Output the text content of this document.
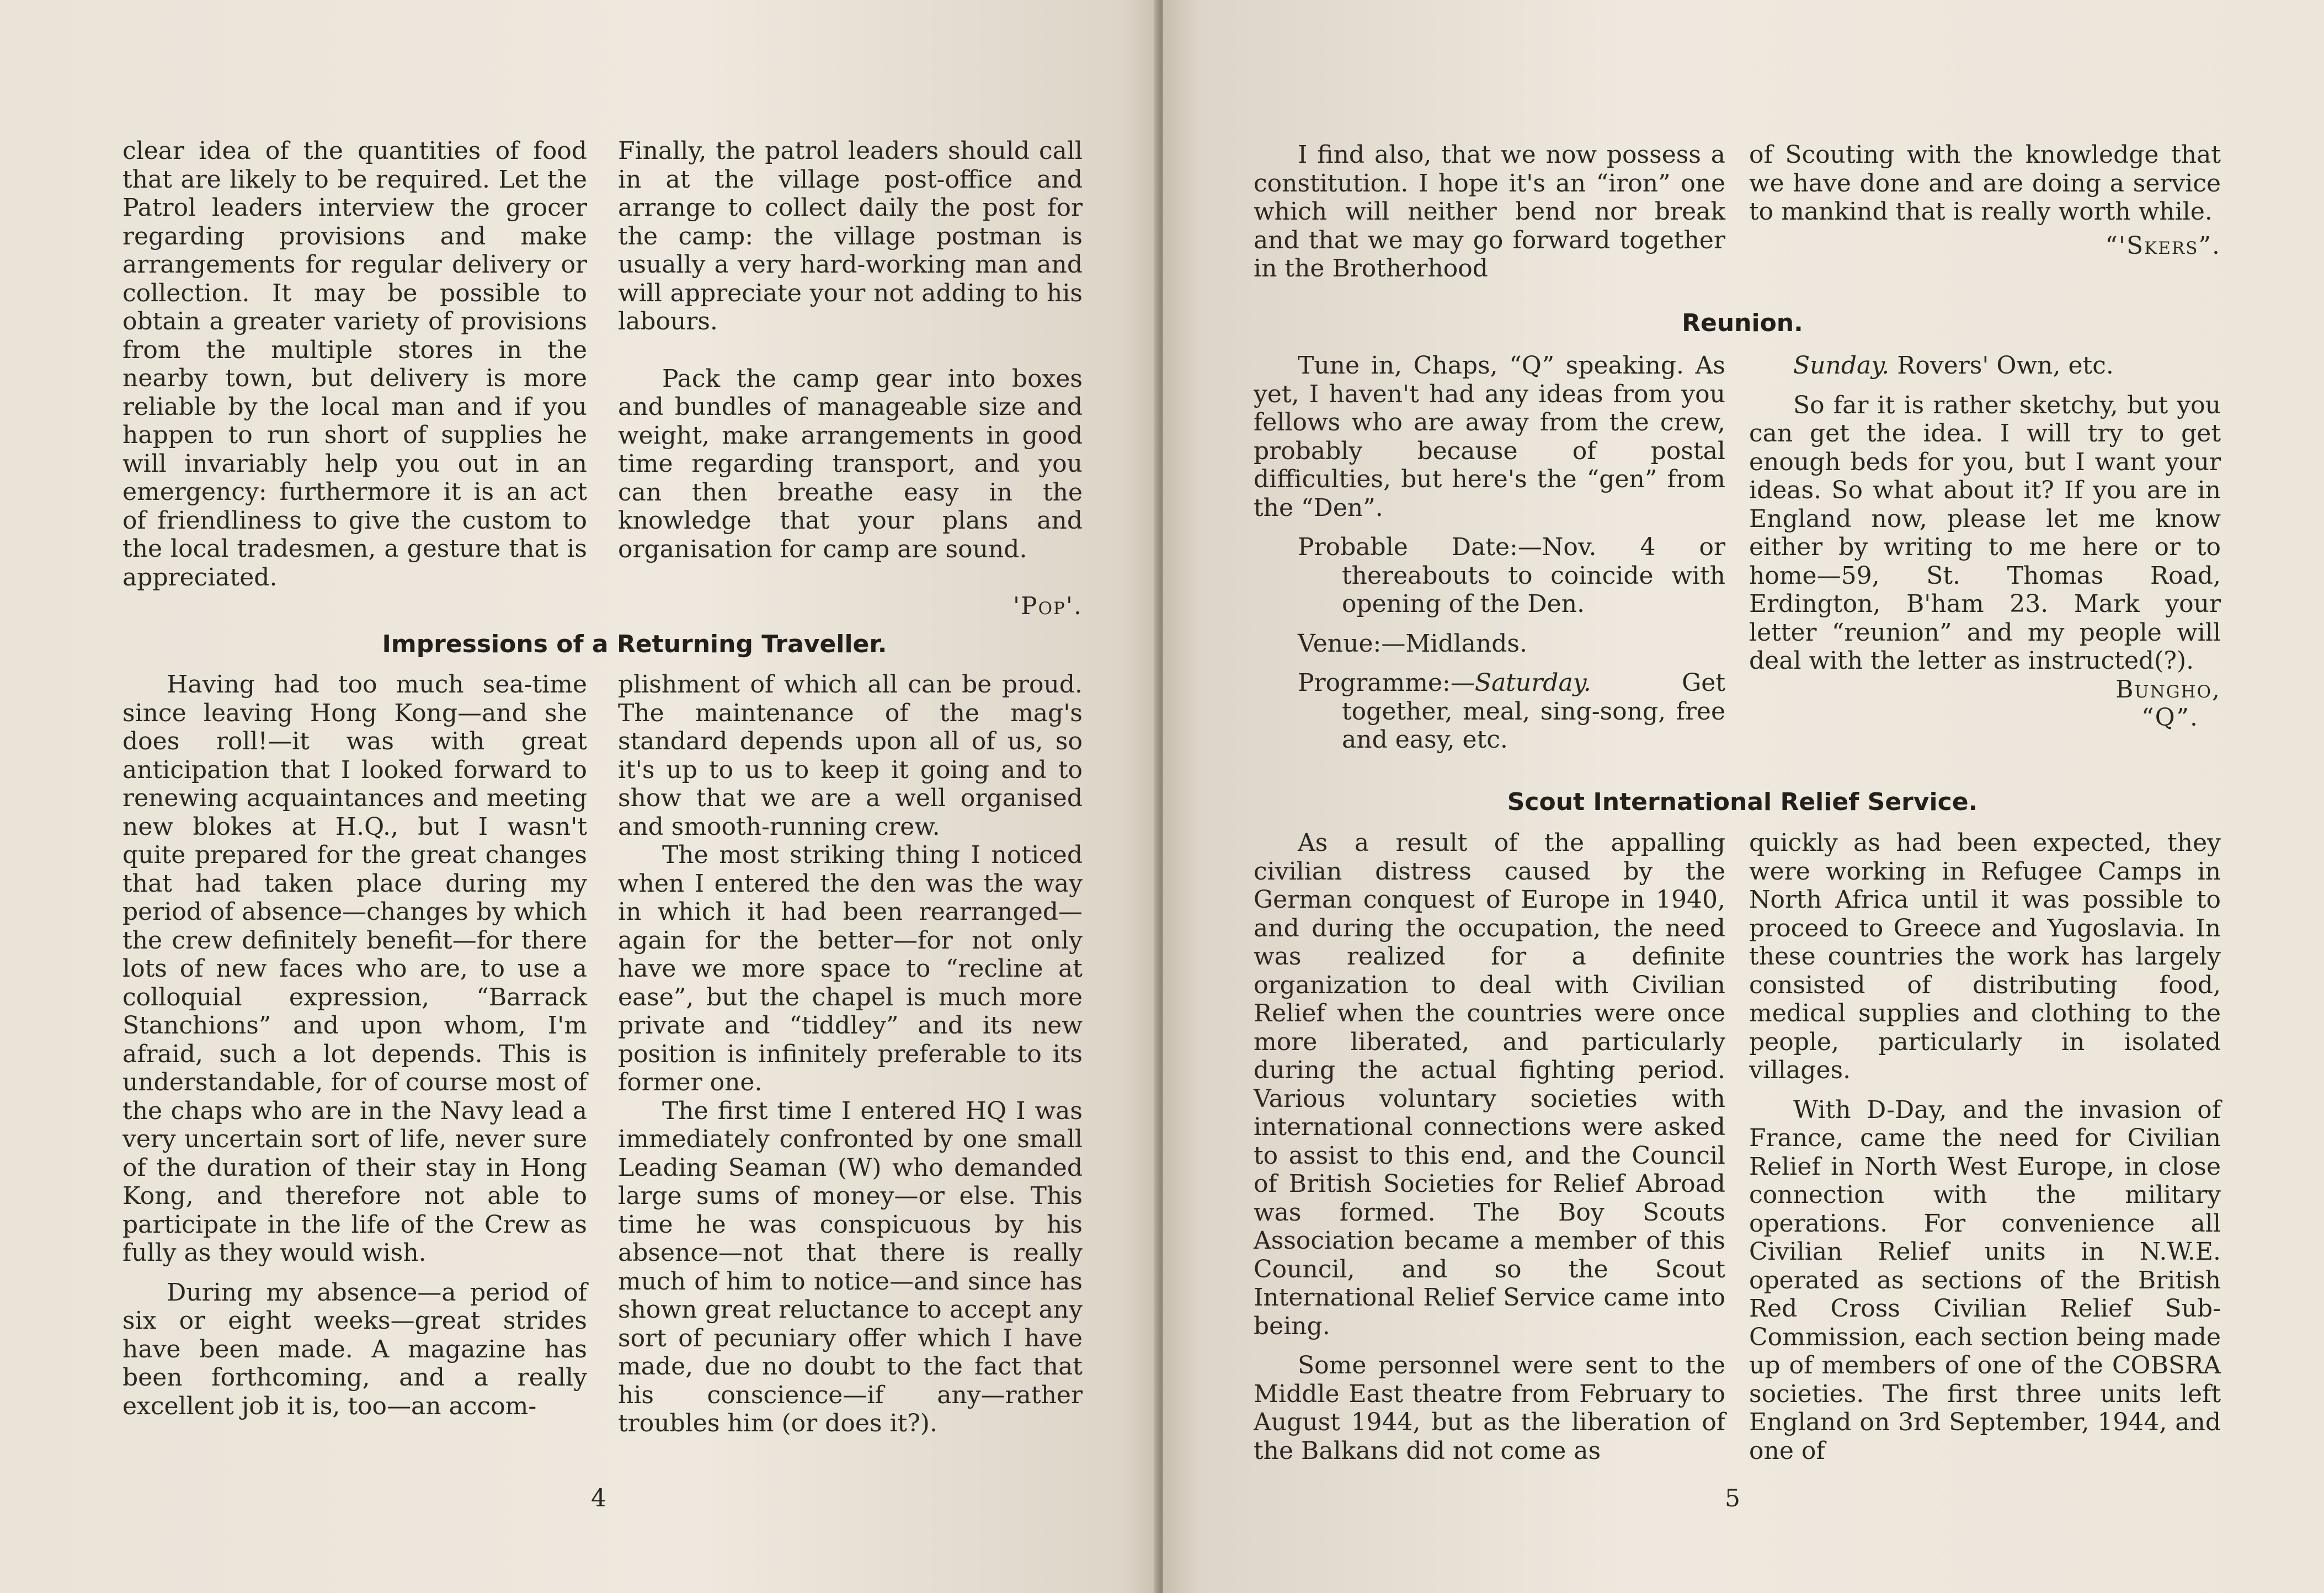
clear idea of the quantities of food that are likely to be required. Let the Patrol leaders interview the grocer regarding provisions and make arrangements for regular delivery or collection. It may be possible to obtain a greater variety of provisions from the multiple stores in the nearby town, but delivery is more reliable by the local man and if you happen to run short of supplies he will invariably help you out in an emergency: furthermore it is an act of friendliness to give the custom to the local tradesmen, a gesture that is appreciated.

Finally, the patrol leaders should call in at the village post-office and arrange to collect daily the post for the camp: the village postman is usually a very hard-working man and will appreciate your not adding to his labours.

Pack the camp gear into boxes and bundles of manageable size and weight, make arrangements in good time regarding transport, and you can then breathe easy in the knowledge that your plans and organisation for camp are sound.

'Pop'.

Impressions of a Returning Traveller.

Having had too much sea-time since leaving Hong Kong—and she does roll!—it was with great anticipation that I looked forward to renewing acquaintances and meeting new blokes at H.Q., but I wasn't quite prepared for the great changes that had taken place during my period of absence—changes by which the crew definitely benefit—for there lots of new faces who are, to use a colloquial expression, “Barrack Stanchions” and upon whom, I'm afraid, such a lot depends. This is understandable, for of course most of the chaps who are in the Navy lead a very uncertain sort of life, never sure of the duration of their stay in Hong Kong, and therefore not able to participate in the life of the Crew as fully as they would wish.

During my absence—a period of six or eight weeks—great strides have been made. A magazine has been forthcoming, and a really excellent job it is, too—an accom-

plishment of which all can be proud. The maintenance of the mag's standard depends upon all of us, so it's up to us to keep it going and to show that we are a well organised and smooth-running crew.

The most striking thing I noticed when I entered the den was the way in which it had been rearranged—again for the better—for not only have we more space to “recline at ease”, but the chapel is much more private and “tiddley” and its new position is infinitely preferable to its former one.

The first time I entered HQ I was immediately confronted by one small Leading Seaman (W) who demanded large sums of money—or else. This time he was conspicuous by his absence—not that there is really much of him to notice—and since has shown great reluctance to accept any sort of pecuniary offer which I have made, due no doubt to the fact that his conscience—if any—rather troubles him (or does it?).

4

I find also, that we now possess a constitution. I hope it's an “iron” one which will neither bend nor break and that we may go forward together in the Brotherhood

of Scouting with the knowledge that we have done and are doing a service to mankind that is really worth while.

“'Skers”.

Reunion.

Tune in, Chaps, “Q” speaking. As yet, I haven't had any ideas from you fellows who are away from the crew, probably because of postal difficulties, but here's the “gen” from the “Den”.

Probable Date:—Nov. 4 or thereabouts to coincide with opening of the Den.

Venue:—Midlands.

Programme:—Saturday.	Get together, meal, sing-song, free and easy, etc.

Sunday. Rovers' Own, etc.

So far it is rather sketchy, but you can get the idea. I will try to get enough beds for you, but I want your ideas. So what about it? If you are in England now, please let me know either by writing to me here or to home—59, St. Thomas Road, Erdington, B'ham 23. Mark your letter “reunion” and my people will deal with the letter as instructed(?).

Bungho,

“Q”.

Scout International Relief Service.

As a result of the appalling civilian distress caused by the German conquest of Europe in 1940, and during the occupation, the need was realized for a definite organization to deal with Civilian Relief when the countries were once more liberated, and particularly during the actual fighting period. Various voluntary societies with international connections were asked to assist to this end, and the Council of British Societies for Relief Abroad was formed. The Boy Scouts Association became a member of this Council, and so the Scout International Relief Service came into being.

Some personnel were sent to the Middle East theatre from February to August 1944, but as the liberation of the Balkans did not come as

quickly as had been expected, they were working in Refugee Camps in North Africa until it was possible to proceed to Greece and Yugoslavia. In these countries the work has largely consisted of distributing food, medical supplies and clothing to the people, particularly in isolated villages.

With D-Day, and the invasion of France, came the need for Civilian Relief in North West Europe, in close connection with the military operations. For convenience all Civilian Relief units in N.W.E. operated as sections of the British Red Cross Civilian Relief Sub-Commission, each section being made up of members of one of the COBSRA societies. The first three units left England on 3rd September, 1944, and one of

5
